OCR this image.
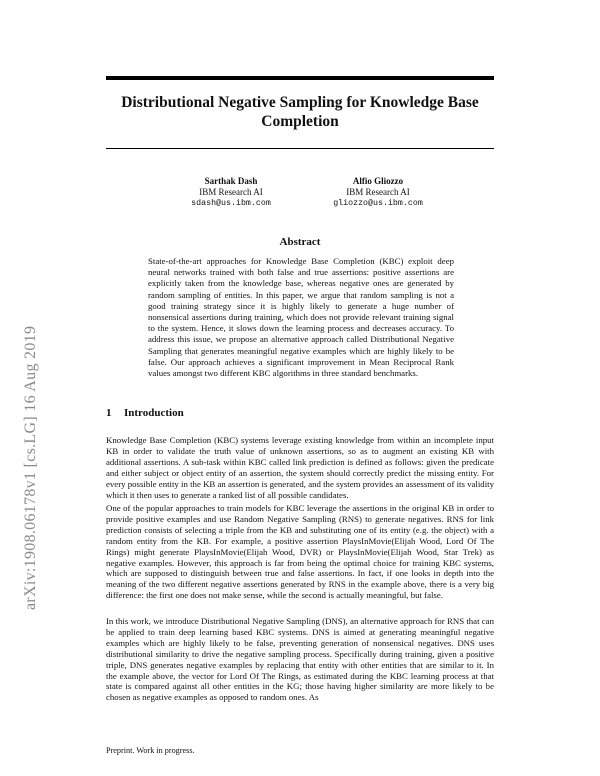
arXiv:1908.06178v1 [cs.LG] 16 Aug 2019
Distributional Negative Sampling for Knowledge Base Completion
Sarthak Dash
IBM Research AI
sdash@us.ibm.com
Alfio Gliozzo
IBM Research AI
gliozzo@us.ibm.com
Abstract

State-of-the-art approaches for Knowledge Base Completion (KBC) exploit deep neural networks trained with both false and true assertions: positive assertions are explicitly taken from the knowledge base, whereas negative ones are generated by random sampling of entities. In this paper, we argue that random sampling is not a good training strategy since it is highly likely to generate a huge number of nonsensical assertions during training, which does not provide relevant training signal to the system. Hence, it slows down the learning process and decreases accuracy. To address this issue, we propose an alternative approach called Distributional Negative Sampling that generates meaningful negative examples which are highly likely to be false. Our approach achieves a significant improvement in Mean Reciprocal Rank values amongst two different KBC algorithms in three standard benchmarks.

1 Introduction

Knowledge Base Completion (KBC) systems leverage existing knowledge from within an incomplete input KB in order to validate the truth value of unknown assertions, so as to augment an existing KB with additional assertions. A sub-task within KBC called link prediction is defined as follows: given the predicate and either subject or object entity of an assertion, the system should correctly predict the missing entity. For every possible entity in the KB an assertion is generated, and the system provides an assessment of its validity which it then uses to generate a ranked list of all possible candidates.

One of the popular approaches to train models for KBC leverage the assertions in the original KB in order to provide positive examples and use Random Negative Sampling (RNS) to generate negatives. RNS for link prediction consists of selecting a triple from the KB and substituting one of its entity (e.g. the object) with a random entity from the KB. For example, a positive assertion PlaysInMovie(Elijah Wood, Lord Of The Rings) might generate PlaysInMovie(Elijah Wood, DVR) or PlaysInMovie(Elijah Wood, Star Trek) as negative examples. However, this approach is far from being the optimal choice for training KBC systems, which are supposed to distinguish between true and false assertions. In fact, if one looks in depth into the meaning of the two different negative assertions generated by RNS in the example above, there is a very big difference: the first one does not make sense, while the second is actually meaningful, but false.

In this work, we introduce Distributional Negative Sampling (DNS), an alternative approach for RNS that can be applied to train deep learning based KBC systems. DNS is aimed at generating meaningful negative examples which are highly likely to be false, preventing generation of nonsensical negatives. DNS uses distributional similarity to drive the negative sampling process. Specifically during training, given a positive triple, DNS generates negative examples by replacing that entity with other entities that are similar to it. In the example above, the vector for Lord Of The Rings, as estimated during the KBC learning process at that state is compared against all other entities in the KG; those having higher similarity are more likely to be chosen as negative examples as opposed to random ones. As

Preprint. Work in progress.
